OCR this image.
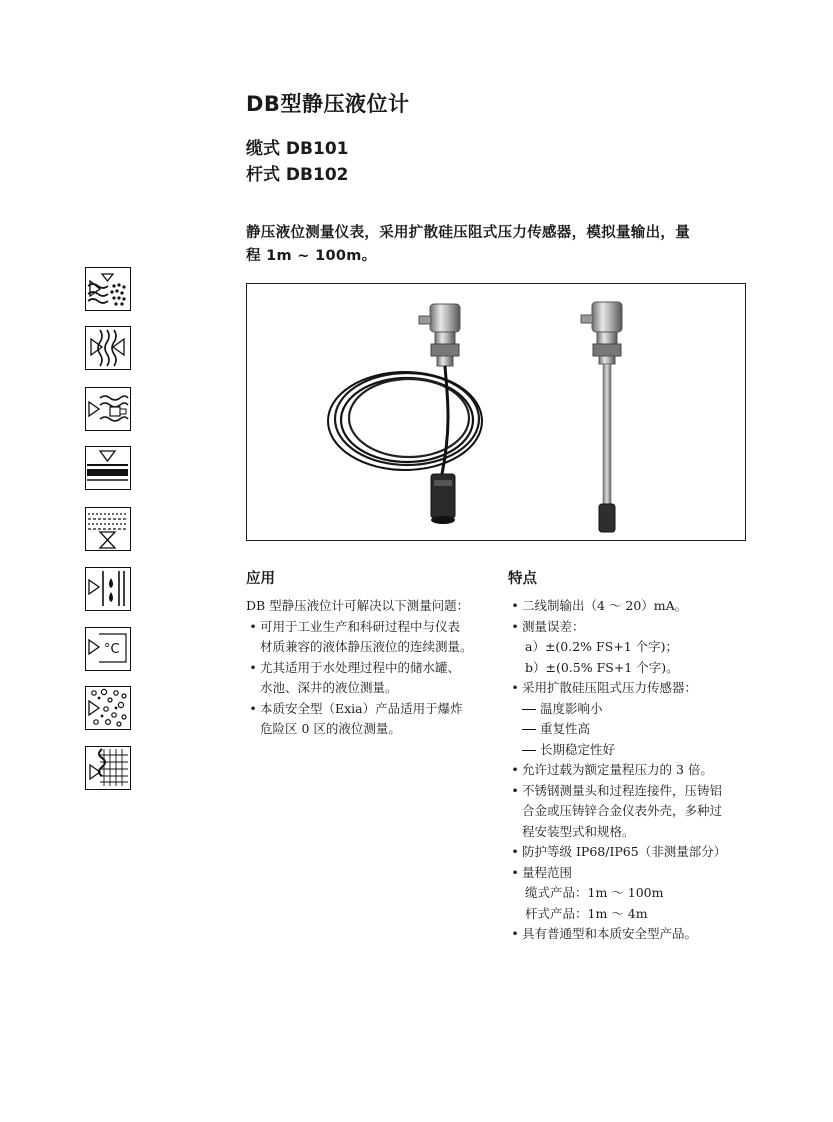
DB型静压液位计
缆式 DB101
杆式 DB102
静压液位测量仪表，采用扩散硅压阻式压力传感器，模拟量输出，量
程 1m ~ 100m。
°C
应用
DB 型静压液位计可解决以下测量问题：
• 可用于工业生产和科研过程中与仪表
材质兼容的液体静压液位的连续测量。
• 尤其适用于水处理过程中的储水罐、
水池、深井的液位测量。
• 本质安全型（Exia）产品适用于爆炸
危险区 0 区的液位测量。
特点
• 二线制输出（4 ～ 20）mA。
• 测量误差：
a）±(0.2% FS+1 个字)；
b）±(0.5% FS+1 个字)。
• 采用扩散硅压阻式压力传感器：
温度影响小
重复性高
长期稳定性好
• 允许过载为额定量程压力的 3 倍。
• 不锈钢测量头和过程连接件，压铸铝
合金或压铸锌合金仪表外壳，多种过
程安装型式和规格。
• 防护等级 IP68/IP65（非测量部分）
• 量程范围
缆式产品：1m ～ 100m
杆式产品：1m ～ 4m
• 具有普通型和本质安全型产品。
